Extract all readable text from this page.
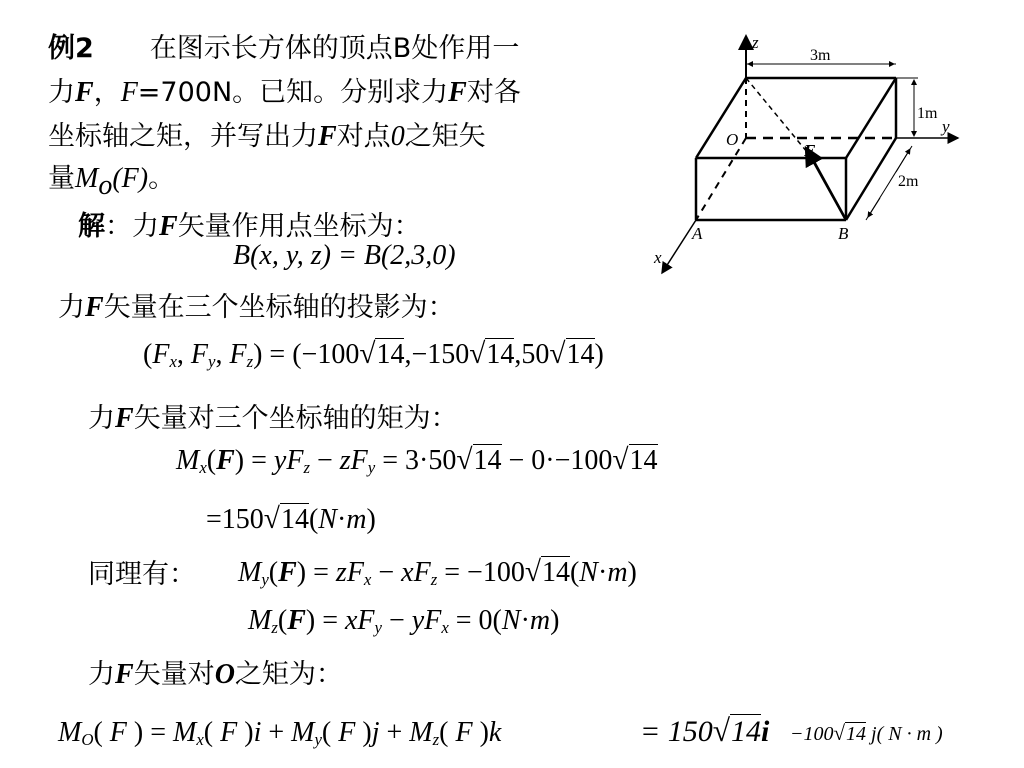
例2 在图示长方体的顶点B处作用一
力F，F=700N。已知。分别求力F对各
坐标轴之矩，并写出力F对点0之矩矢
量$M_o(F)$。
解：力F矢量作用点坐标为：
B(x, y, z) = B(2,3,0)
力F矢量在三个坐标轴的投影为：
($F_x$, $F_y$, $F_z) = (-100√14,-150√14,50√14)$
力F矢量对三个坐标轴的矩为：
$M_x(F) = yF_z - zF_y = 3\cdot 50√14 - 0\cdot-100√14$
=150√14(N·m)
同理有： $M_y(F) = zF_x - xF_z = -100√14(N\cdot m)$
$M_z(F) = xF_y - yF_x = 0(N\cdot m)$
力F矢量对O之矩为：
$M_O$( F ) = $M_x$( F )$i + M_y$( F )$j + M_z$( F )k	= 150√14i −100√14 j( N · m )
3m
1m
2m
z
y
x
O
A	B
F
